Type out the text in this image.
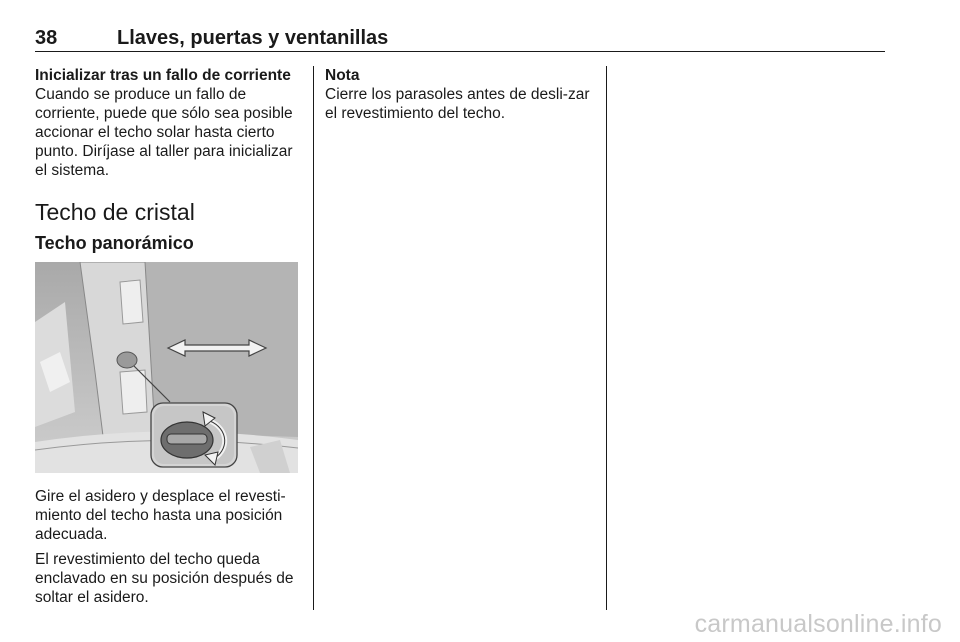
38	Llaves, puertas y ventanillas

Inicializar tras un fallo de corriente

Cuando se produce un fallo de corriente, puede que sólo sea posible accionar el techo solar hasta cierto punto. Diríjase al taller para inicializar el sistema.

Techo de cristal
Techo panorámico

Gire el asidero y desplace el revesti-miento del techo hasta una posición adecuada.

El revestimiento del techo queda enclavado en su posición después de soltar el asidero.

Nota

Cierre los parasoles antes de desli-zar el revestimiento del techo.

carmanualsonline.info
